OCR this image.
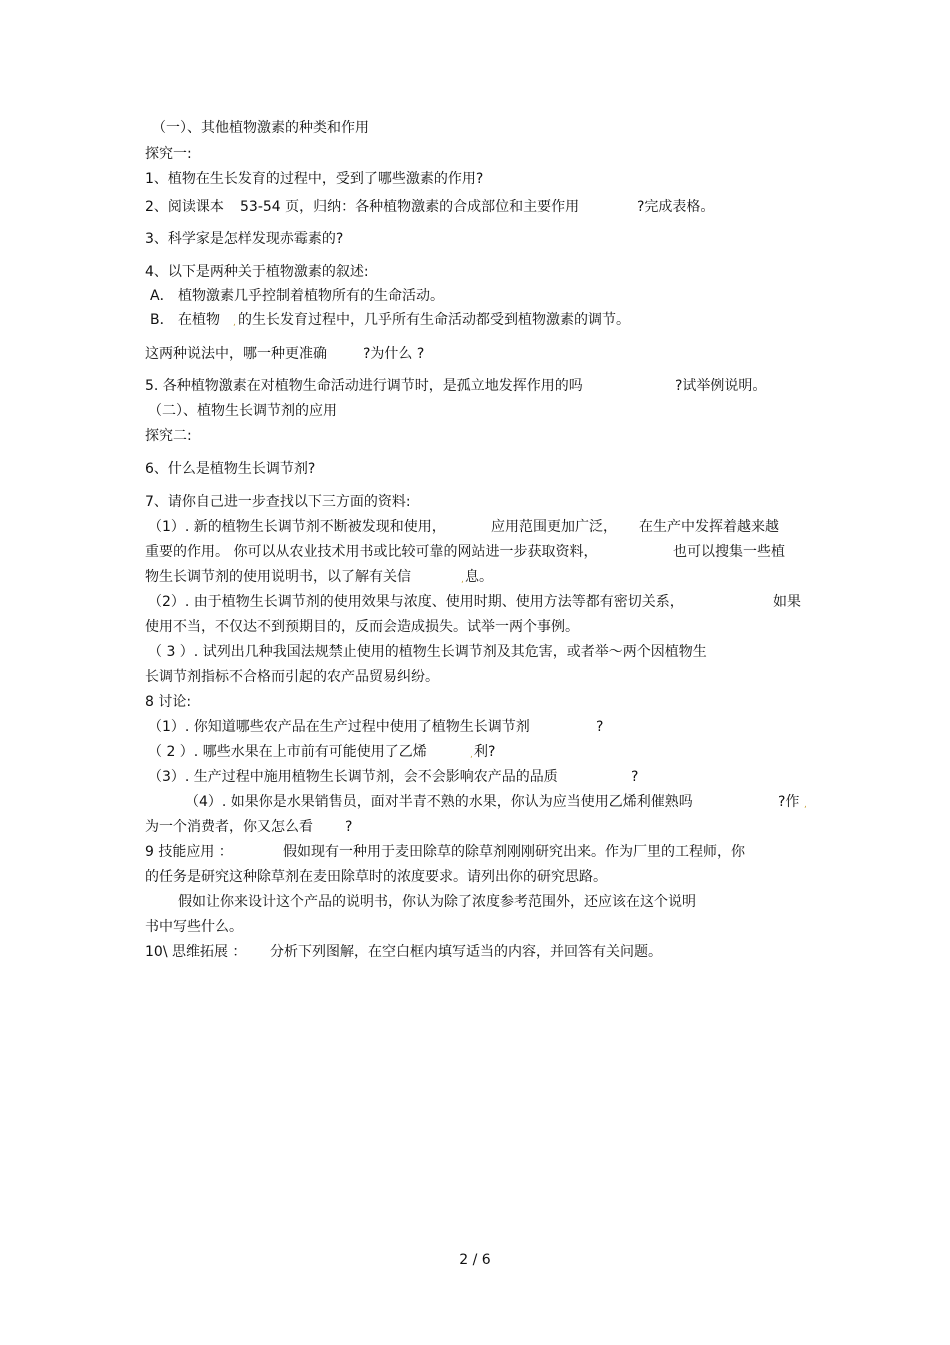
（一）、其他植物激素的种类和作用
探究一:
1、植物在生长发育的过程中，受到了哪些激素的作用?
2、阅读课本 53-54 页，归纳：各种植物激素的合成部位和主要作用	?完成表格。
3、科学家是怎样发现赤霉素的?
4、以下是两种关于植物激素的叙述:
A． 植物激素几乎控制着植物所有的生命活动。
B． 在植物 , 的生长发育过程中，几乎所有生命活动都受到植物激素的调节。
这两种说法中，哪一种更准确	?为什么 ?
5. 各种植物激素在对植物生命活动进行调节时，是孤立地发挥作用的吗	?试举例说明。
（二）、植物生长调节剂的应用
探究二:
6、什么是植物生长调节剂?
7、请你自己进一步查找以下三方面的资料:
（1）. 新的植物生长调节剂不断被发现和使用，	应用范围更加广泛， 在生产中发挥着越来越
重要的作用。 你可以从农业技术用书或比较可靠的网站进一步获取资料，	也可以搜集一些植
物生长调节剂的使用说明书，以了解有关信	, 息。
（2）. 由于植物生长调节剂的使用效果与浓度、使用时期、使用方法等都有密切关系，	如果
使用不当，不仅达不到预期目的，反而会造成损失。试举一两个事例。
（ 3 ）. 试列出几种我国法规禁止使用的植物生长调节剂及其危害，或者举～两个因植物生
长调节剂指标不合格而引起的农产品贸易纠纷。
8 讨论:
（1）. 你知道哪些农产品在生产过程中使用了植物生长调节剂	?
（ 2 ）. 哪些水果在上市前有可能使用了乙烯	, 利?
（3）. 生产过程中施用植物生长调节剂，会不会影响农产品的品质	?
（4）. 如果你是水果销售员，面对半青不熟的水果，你认为应当使用乙烯利催熟吗	?作 ,
为一个消费者，你又怎么看 ?
9 技能应用 ：	假如现有一种用于麦田除草的除草剂刚刚研究出来。作为厂里的工程师，你
的任务是研究这种除草剂在麦田除草时的浓度要求。请列出你的研究思路。
假如让你来设计这个产品的说明书，你认为除了浓度参考范围外，还应该在这个说明
书中写些什么。
10\ 思维拓展 ： 分析下列图解，在空白框内填写适当的内容，并回答有关问题。
2 / 6
